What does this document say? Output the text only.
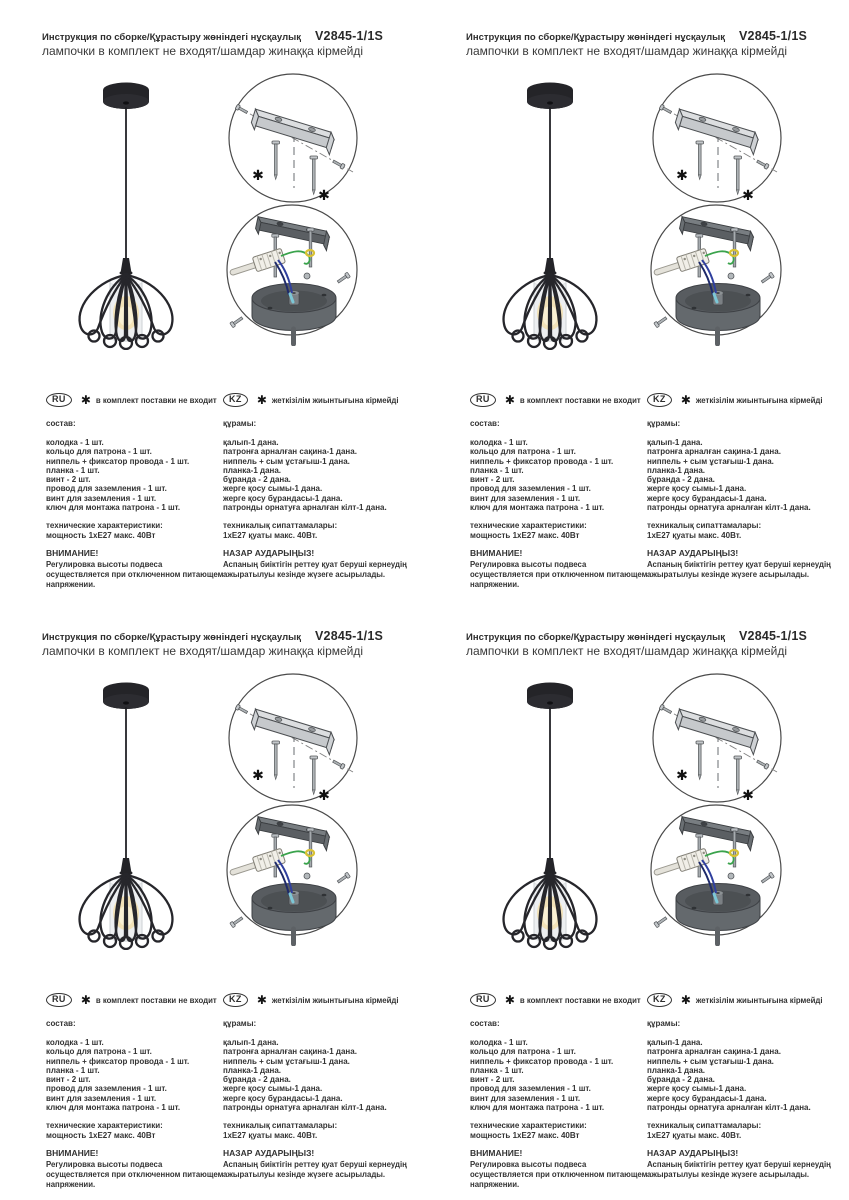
Инструкция по сборке/Құрастыру жөніндегі нұсқаулық V2845-1/1S
лампочки в комплект не входят/шамдар жинаққа кірмейді
✱
✱
RU	✱ в комплект поставки не входит
состав:
колодка - 1 шт.
кольцо для патрона - 1 шт.
ниппель + фиксатор провода - 1 шт.
планка - 1 шт.
винт - 2 шт.
провод для заземления - 1 шт.
винт для заземления - 1 шт.
ключ для монтажа патрона - 1 шт.
технические характеристики:
мощность 1хЕ27 макс. 40Вт
ВНИМАНИЕ!
Регулировка высоты подвеса осуществляется при отключенном питающем напряжении.
KZ	✱ жеткізілім жиынтығына кірмейді
құрамы:
қалып-1 дана.
патронға арналған сақина-1 дана.
ниппель + сым ұстағыш-1 дана.
планка-1 дана.
бұранда - 2 дана.
жерге қосу сымы-1 дана.
жерге қосу бұрандасы-1 дана.
патронды орнатуға арналған кілт-1 дана.
техникалық сипаттамалары:
1хЕ27 қуаты макс. 40Вт.
НАЗАР АУДАРЫҢЫЗ!
Аспаның биіктігін реттеу қуат беруші кернеудің ажыратылуы кезінде жүзеге асырылады.
Инструкция по сборке/Құрастыру жөніндегі нұсқаулық V2845-1/1S
лампочки в комплект не входят/шамдар жинаққа кірмейді
✱
✱
RU	✱ в комплект поставки не входит
состав:
колодка - 1 шт.
кольцо для патрона - 1 шт.
ниппель + фиксатор провода - 1 шт.
планка - 1 шт.
винт - 2 шт.
провод для заземления - 1 шт.
винт для заземления - 1 шт.
ключ для монтажа патрона - 1 шт.
технические характеристики:
мощность 1хЕ27 макс. 40Вт
ВНИМАНИЕ!
Регулировка высоты подвеса осуществляется при отключенном питающем напряжении.
KZ	✱ жеткізілім жиынтығына кірмейді
құрамы:
қалып-1 дана.
патронға арналған сақина-1 дана.
ниппель + сым ұстағыш-1 дана.
планка-1 дана.
бұранда - 2 дана.
жерге қосу сымы-1 дана.
жерге қосу бұрандасы-1 дана.
патронды орнатуға арналған кілт-1 дана.
техникалық сипаттамалары:
1хЕ27 қуаты макс. 40Вт.
НАЗАР АУДАРЫҢЫЗ!
Аспаның биіктігін реттеу қуат беруші кернеудің ажыратылуы кезінде жүзеге асырылады.
Инструкция по сборке/Құрастыру жөніндегі нұсқаулық V2845-1/1S
лампочки в комплект не входят/шамдар жинаққа кірмейді
✱
✱
RU	✱ в комплект поставки не входит
состав:
колодка - 1 шт.
кольцо для патрона - 1 шт.
ниппель + фиксатор провода - 1 шт.
планка - 1 шт.
винт - 2 шт.
провод для заземления - 1 шт.
винт для заземления - 1 шт.
ключ для монтажа патрона - 1 шт.
технические характеристики:
мощность 1хЕ27 макс. 40Вт
ВНИМАНИЕ!
Регулировка высоты подвеса осуществляется при отключенном питающем напряжении.
KZ	✱ жеткізілім жиынтығына кірмейді
құрамы:
қалып-1 дана.
патронға арналған сақина-1 дана.
ниппель + сым ұстағыш-1 дана.
планка-1 дана.
бұранда - 2 дана.
жерге қосу сымы-1 дана.
жерге қосу бұрандасы-1 дана.
патронды орнатуға арналған кілт-1 дана.
техникалық сипаттамалары:
1хЕ27 қуаты макс. 40Вт.
НАЗАР АУДАРЫҢЫЗ!
Аспаның биіктігін реттеу қуат беруші кернеудің ажыратылуы кезінде жүзеге асырылады.
Инструкция по сборке/Құрастыру жөніндегі нұсқаулық V2845-1/1S
лампочки в комплект не входят/шамдар жинаққа кірмейді
✱
✱
RU	✱ в комплект поставки не входит
состав:
колодка - 1 шт.
кольцо для патрона - 1 шт.
ниппель + фиксатор провода - 1 шт.
планка - 1 шт.
винт - 2 шт.
провод для заземления - 1 шт.
винт для заземления - 1 шт.
ключ для монтажа патрона - 1 шт.
технические характеристики:
мощность 1хЕ27 макс. 40Вт
ВНИМАНИЕ!
Регулировка высоты подвеса осуществляется при отключенном питающем напряжении.
KZ	✱ жеткізілім жиынтығына кірмейді
құрамы:
қалып-1 дана.
патронға арналған сақина-1 дана.
ниппель + сым ұстағыш-1 дана.
планка-1 дана.
бұранда - 2 дана.
жерге қосу сымы-1 дана.
жерге қосу бұрандасы-1 дана.
патронды орнатуға арналған кілт-1 дана.
техникалық сипаттамалары:
1хЕ27 қуаты макс. 40Вт.
НАЗАР АУДАРЫҢЫЗ!
Аспаның биіктігін реттеу қуат беруші кернеудің ажыратылуы кезінде жүзеге асырылады.
